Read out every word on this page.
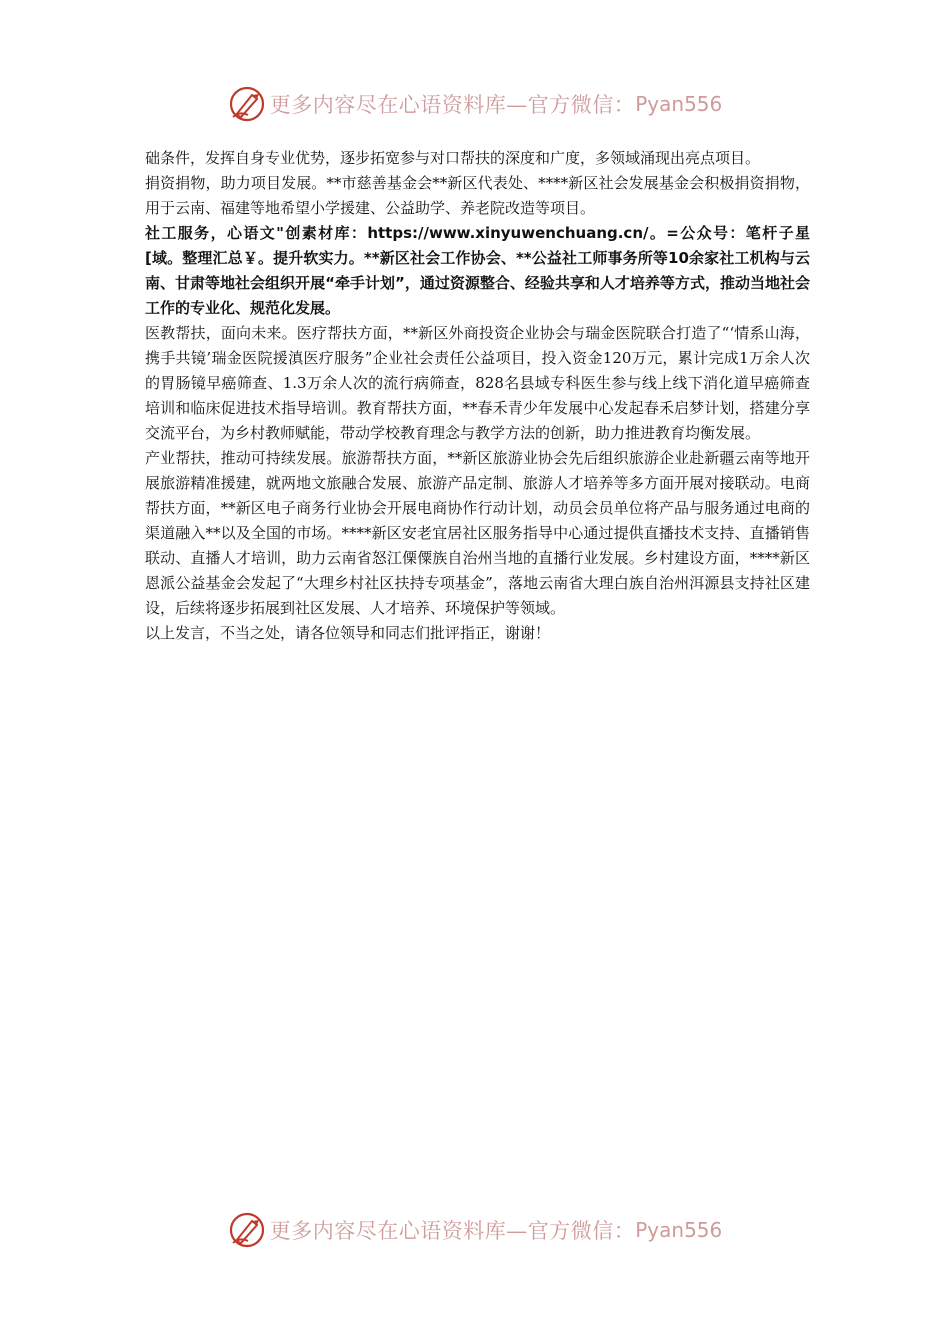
更多内容尽在心语资料库—官方微信： Pyan556

础条件，发挥自身专业优势，逐步拓宽参与对口帮扶的深度和广度，多领域涌现出亮点项目。

捐资捐物，助力项目发展。**市慈善基金会**新区代表处、****新区社会发展基金会积极捐资捐物，用于云南、福建等地希望小学援建、公益助学、养老院改造等项目。

社工服务，心语文"创素材库：https://www.xinyuwenchuang.cn/。=公众号：笔杆子星[域。整理汇总￥。提升软实力。**新区社会工作协会、**公益社工师事务所等10余家社工机构与云南、甘肃等地社会组织开展“牵手计划”，通过资源整合、经验共享和人才培养等方式，推动当地社会工作的专业化、规范化发展。

医教帮扶，面向未来。医疗帮扶方面，**新区外商投资企业协会与瑞金医院联合打造了“‘情系山海，携手共镜’瑞金医院援滇医疗服务”企业社会责任公益项目，投入资金120万元，累计完成1万余人次的胃肠镜早癌筛查、1.3万余人次的流行病筛查，828名县域专科医生参与线上线下消化道早癌筛查培训和临床促进技术指导培训。教育帮扶方面，**春禾青少年发展中心发起春禾启梦计划，搭建分享交流平台，为乡村教师赋能，带动学校教育理念与教学方法的创新，助力推进教育均衡发展。

产业帮扶，推动可持续发展。旅游帮扶方面，**新区旅游业协会先后组织旅游企业赴新疆云南等地开展旅游精准援建，就两地文旅融合发展、旅游产品定制、旅游人才培养等多方面开展对接联动。电商帮扶方面，**新区电子商务行业协会开展电商协作行动计划，动员会员单位将产品与服务通过电商的渠道融入**以及全国的市场。****新区安老宜居社区服务指导中心通过提供直播技术支持、直播销售联动、直播人才培训，助力云南省怒江傈僳族自治州当地的直播行业发展。乡村建设方面，****新区恩派公益基金会发起了“大理乡村社区扶持专项基金”，落地云南省大理白族自治州洱源县支持社区建设，后续将逐步拓展到社区发展、人才培养、环境保护等领域。

以上发言，不当之处，请各位领导和同志们批评指正，谢谢！

更多内容尽在心语资料库—官方微信： Pyan556
